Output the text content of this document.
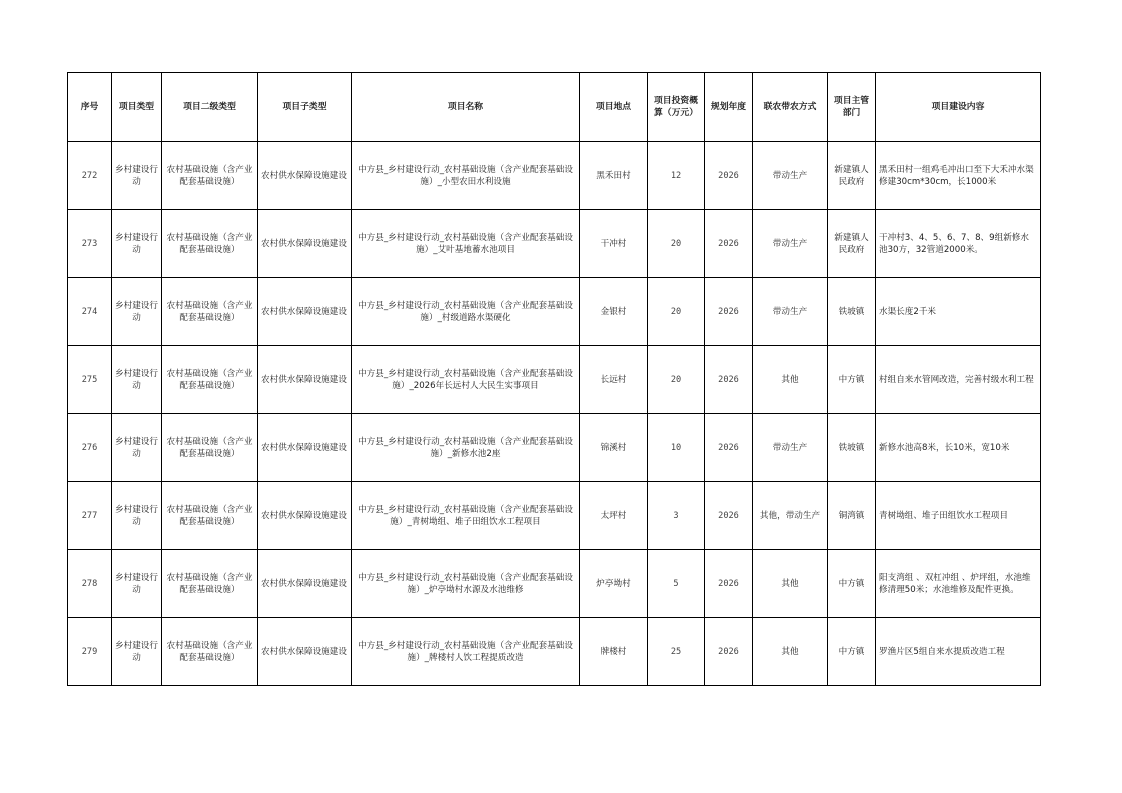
序号	项目类型	项目二级类型	项目子类型	项目名称	项目地点	项目投资概算（万元）	规划年度	联农带农方式	项目主管部门	项目建设内容
272	乡村建设行动	农村基础设施（含产业配套基础设施）	农村供水保障设施建设	中方县_乡村建设行动_农村基础设施（含产业配套基础设施）_小型农田水利设施	黑禾田村	12	2026	带动生产	新建镇人民政府	黑禾田村一组鸡毛冲出口至下大禾冲水渠修建30cm*30cm，长1000米
273	乡村建设行动	农村基础设施（含产业配套基础设施）	农村供水保障设施建设	中方县_乡村建设行动_农村基础设施（含产业配套基础设施）_艾叶基地蓄水池项目	干冲村	20	2026	带动生产	新建镇人民政府	干冲村3、4、5、6、7、8、9组新修水池30方，32管道2000米。
274	乡村建设行动	农村基础设施（含产业配套基础设施）	农村供水保障设施建设	中方县_乡村建设行动_农村基础设施（含产业配套基础设施）_村级道路水渠硬化	金银村	20	2026	带动生产	铁坡镇	水渠长度2千米
275	乡村建设行动	农村基础设施（含产业配套基础设施）	农村供水保障设施建设	中方县_乡村建设行动_农村基础设施（含产业配套基础设施）_2026年长远村人大民生实事项目	长远村	20	2026	其他	中方镇	村组自来水管网改造，完善村级水利工程
276	乡村建设行动	农村基础设施（含产业配套基础设施）	农村供水保障设施建设	中方县_乡村建设行动_农村基础设施（含产业配套基础设施）_新修水池2座	锦溪村	10	2026	带动生产	铁坡镇	新修水池高8米，长10米，宽10米
277	乡村建设行动	农村基础设施（含产业配套基础设施）	农村供水保障设施建设	中方县_乡村建设行动_农村基础设施（含产业配套基础设施）_青树坳组、堆子田组饮水工程项目	太坪村	3	2026	其他，带动生产	铜湾镇	青树坳组、堆子田组饮水工程项目
278	乡村建设行动	农村基础设施（含产业配套基础设施）	农村供水保障设施建设	中方县_乡村建设行动_农村基础设施（含产业配套基础设施）_炉亭坳村水源及水池维修	炉亭坳村	5	2026	其他	中方镇	阳支湾组 、双杠冲组 、炉坪组，水池维修清理50米；水池维修及配件更换。
279	乡村建设行动	农村基础设施（含产业配套基础设施）	农村供水保障设施建设	中方县_乡村建设行动_农村基础设施（含产业配套基础设施）_牌楼村人饮工程提质改造	牌楼村	25	2026	其他	中方镇	罗渔片区5组自来水提质改造工程
